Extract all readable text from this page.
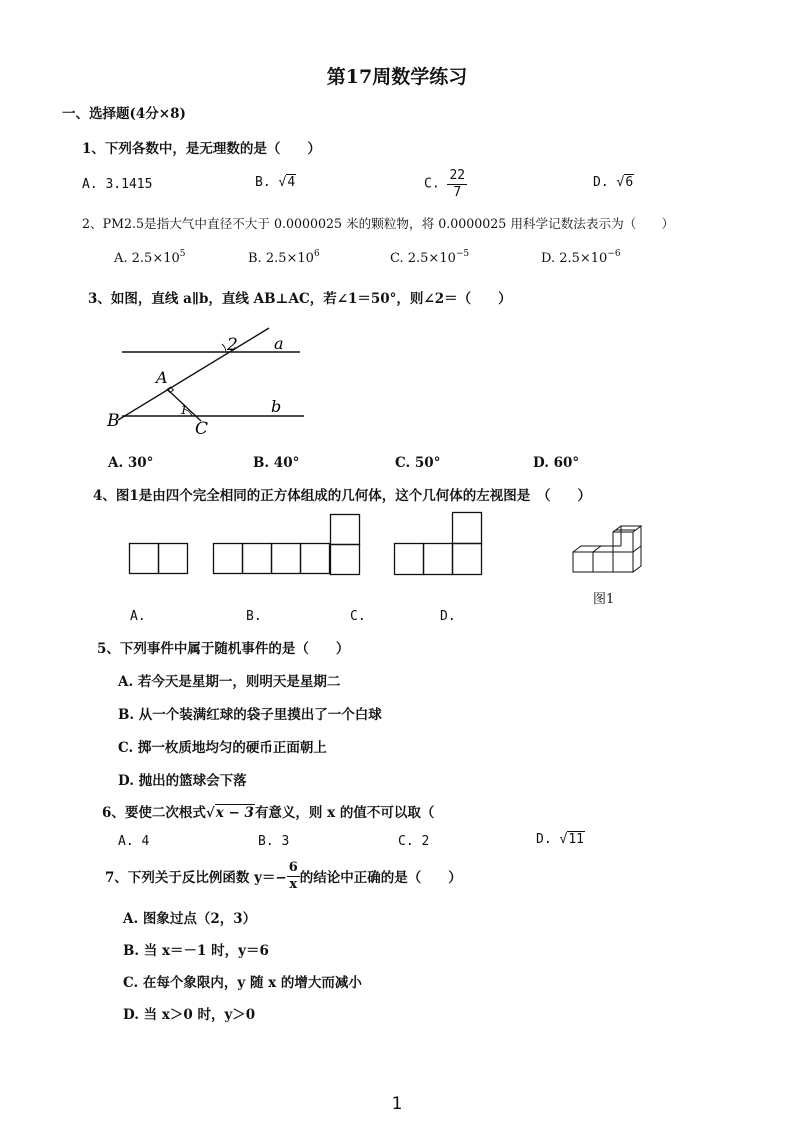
第17周数学练习
一、选择题(4分×8)
1、下列各数中，是无理数的是（　　）
A. 3.1415	B. √4	C. $\frac{22}{7}$	D. √6
2、PM2.5是指大气中直径不大于 0.0000025 米的颗粒物，将 0.0000025 用科学记数法表示为（　　）
A. $2.5\times 10^5$	B. $2.5\times 10^6$	C. $2.5\times 10^{-5}$	D. $2.5\times 10^{-6}$
3、如图，直线 a∥b，直线 AB⊥AC，若∠1＝50°，则∠2＝（　　）
1
2 a
b
A
B	C
A. 30°	B. 40°	C. 50°	D. 60°
4、图1是由四个完全相同的正方体组成的几何体，这个几何体的左视图是　（　　）
A.	B.	C.	D.
图1
5、下列事件中属于随机事件的是（　　）
A. 若今天是星期一，则明天是星期二
B. 从一个装满红球的袋子里摸出了一个白球
C. 掷一枚质地均匀的硬币正面朝上
D. 抛出的篮球会下落
6、要使二次根式√x − 3有意义，则 x 的值不可以取（
A. 4	B. 3	C. 2	D. √11
7、下列关于反比例函数 $y=- \frac{6}{x}$ 的结论中正确的是（　　）
A. 图象过点（2，3）
B. 当 x＝－1 时，y＝6
C. 在每个象限内，y 随 x 的增大而减小
D. 当 x＞0 时，y＞0
1
